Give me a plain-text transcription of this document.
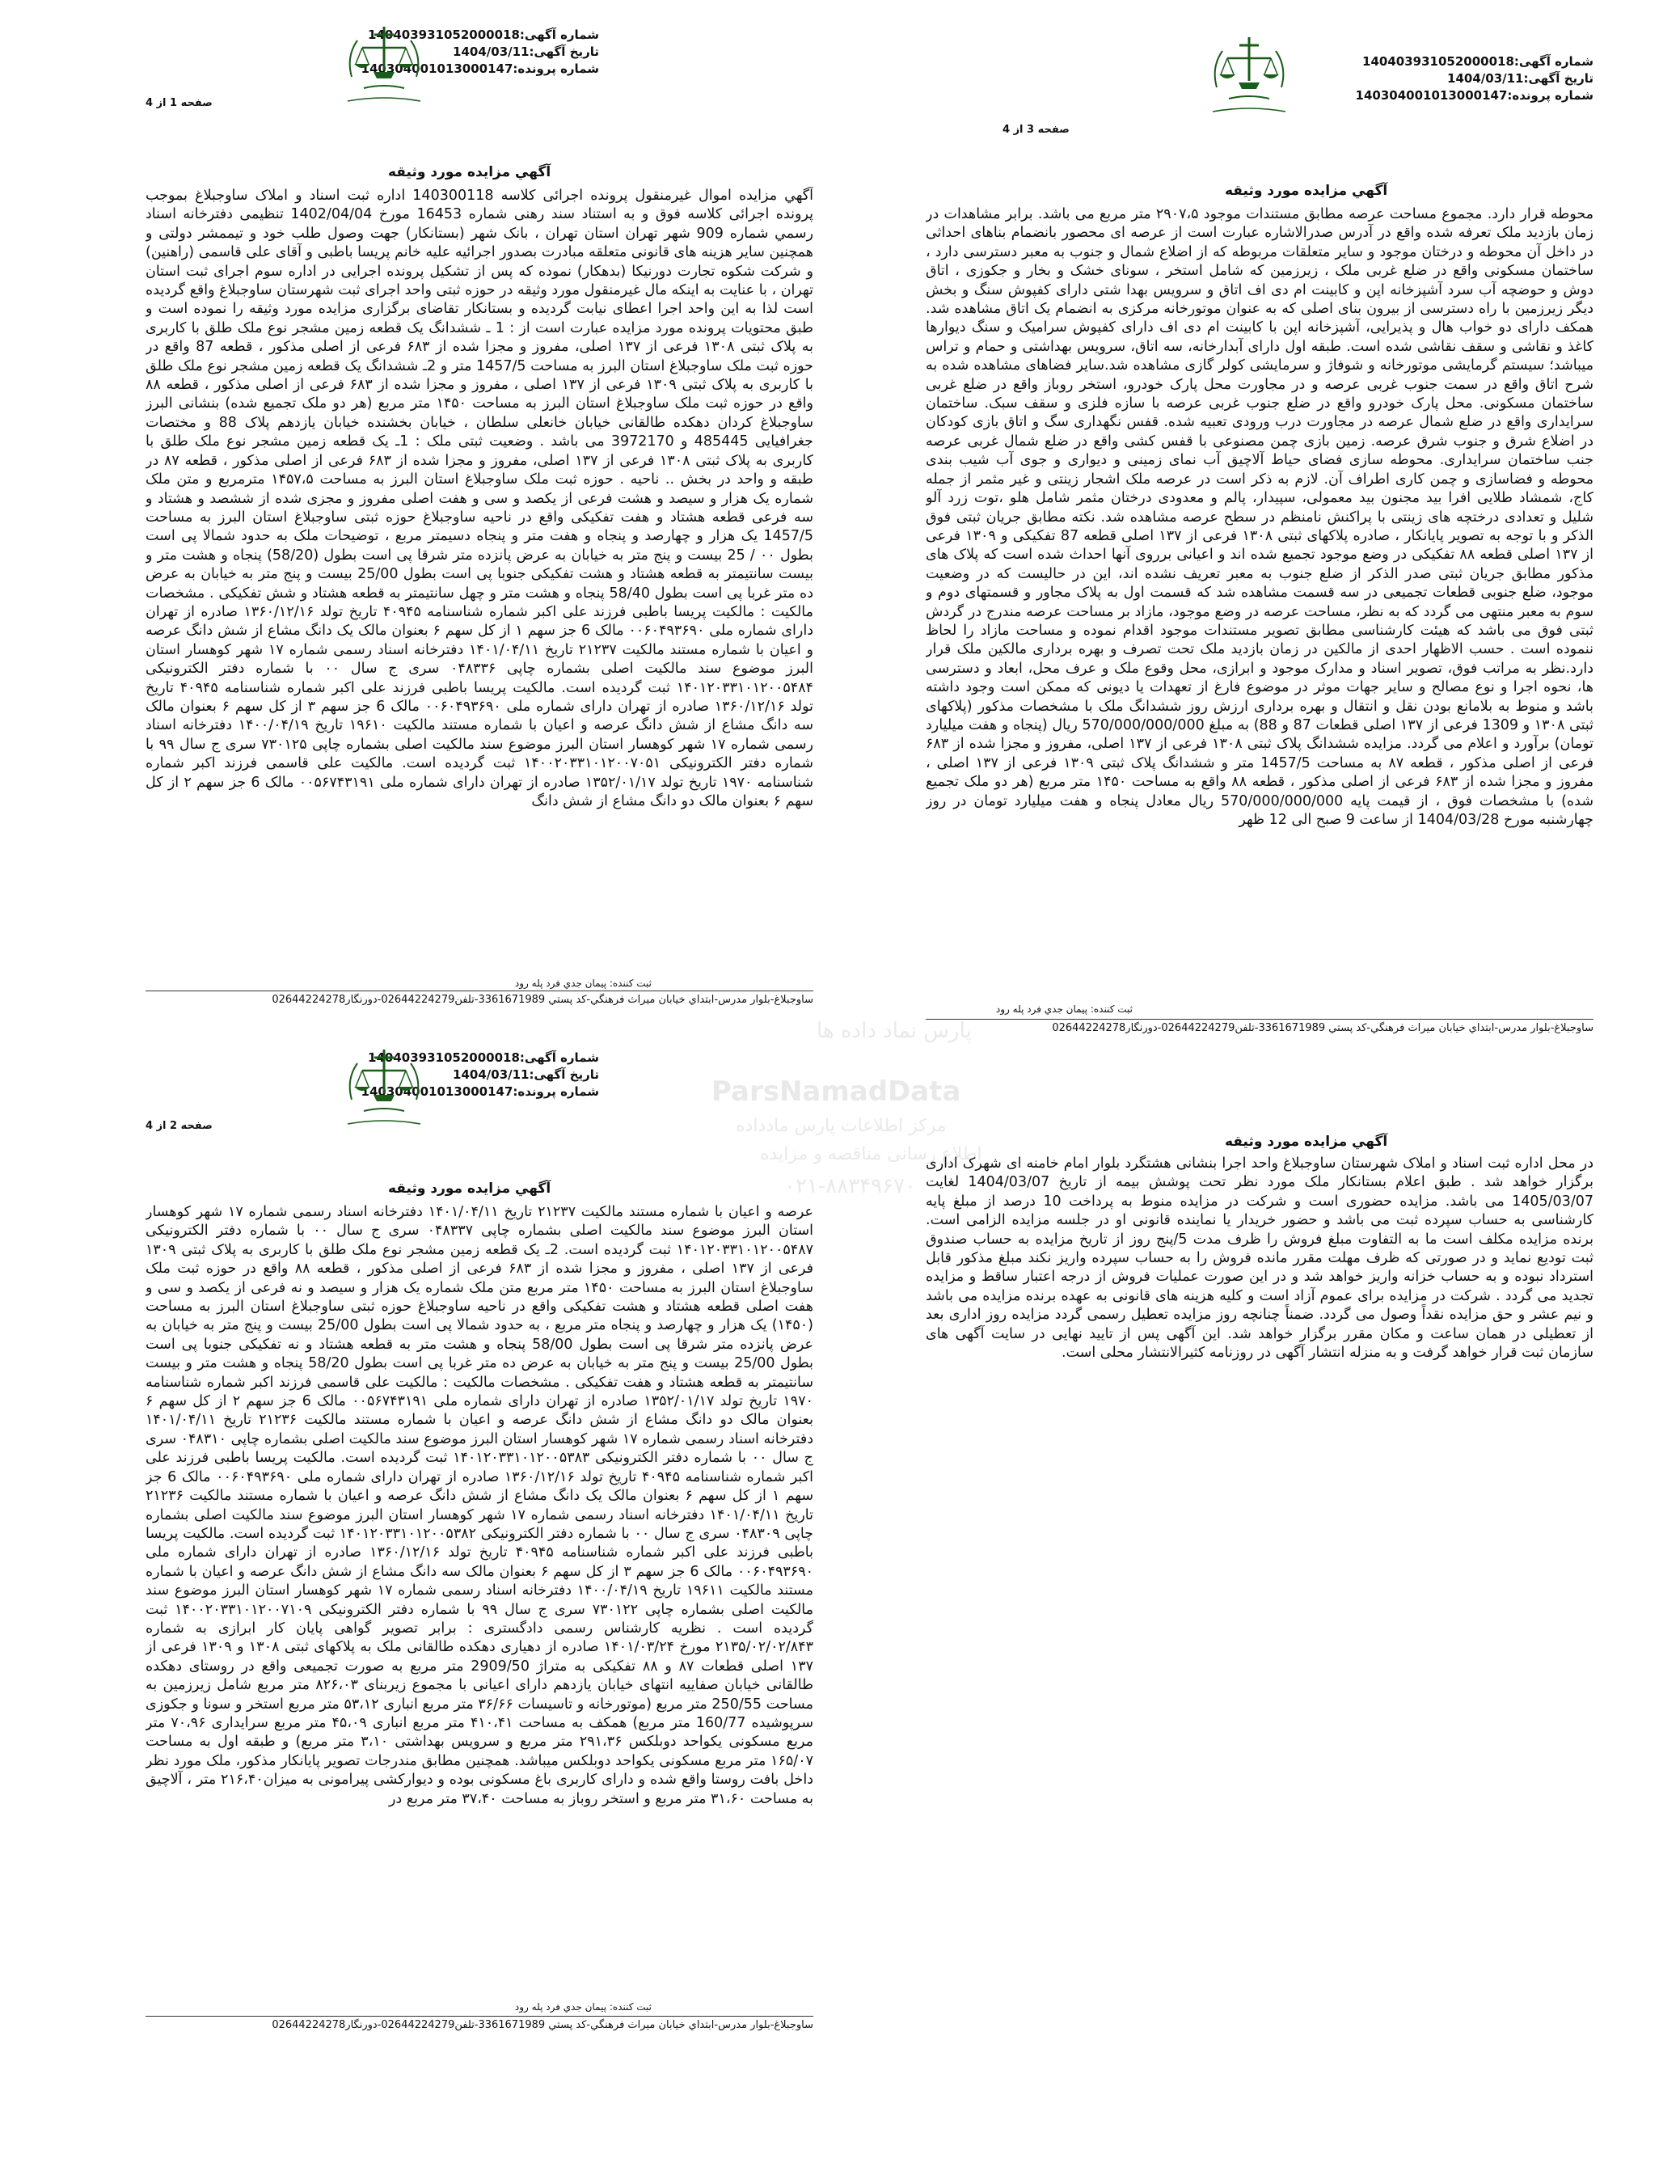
شماره آگهی:140403931052000018
تاریخ آگهی:1404/03/11
شماره پرونده:140304001013000147
صفحه 1 از 4
آگهي مزايده مورد وثيقه
آگهي مزايده اموال غيرمنقول پرونده اجرائی کلاسه 140300118 اداره ثبت اسناد و املاک ساوجبلاغ بموجب پرونده اجرائی کلاسه فوق و به استناد سند رهنی شماره 16453 مورخ 1402/04/04 تنظیمی دفترخانه اسناد رسمي شماره 909 شهر تهران استان تهران ، بانک شهر (بستانکار) جهت وصول طلب خود و تیممشر دولتی و همچنین سایر هزینه های قانونی متعلقه مبادرت بصدور اجرائیه علیه خانم پریسا باطبی و آقای علی قاسمی (راهنین) و شرکت شکوه تجارت دورنیکا (بدهکار) نموده که پس از تشکیل پرونده اجرایی در اداره سوم اجرای ثبت استان تهران ، با عنایت به اینکه مال غیرمنقول مورد وثیقه در حوزه ثبتی واحد اجرای ثبت شهرستان ساوجبلاغ واقع گردیده است لذا به این واحد اجرا اعطای نیابت گردیده و بستانکار تقاضای برگزاری مزایده مورد وثیقه را نموده است و طبق محتویات پرونده مورد مزایده عبارت است از : 1 ـ ششدانگ یک قطعه زمین مشجر نوع ملک طلق با کاربری به پلاک ثبتی ۱۳۰۸ فرعی از ۱۳۷ اصلی، مفروز و مجزا شده از ۶۸۳ فرعی از اصلی مذکور ، قطعه 87 واقع در حوزه ثبت ملک ساوجبلاغ استان البرز به مساحت 1457/5 متر و 2ـ ششدانگ یک قطعه زمین مشجر نوع ملک طلق با کاربری به پلاک ثبتی ۱۳۰۹ فرعی از ۱۳۷ اصلی ، مفروز و مجزا شده از ۶۸۳ فرعی از اصلی مذکور ، قطعه ۸۸ واقع در حوزه ثبت ملک ساوجبلاغ استان البرز به مساحت ۱۴۵۰ متر مربع (هر دو ملک تجمیع شده) بنشانی البرز ساوجبلاغ کردان دهکده طالقانی خیابان خانعلی سلطان ، خیابان بخشنده خیابان یازدهم پلاک 88 و مختصات جغرافیایی 485445 و 3972170 می باشد . وضعیت ثبتی ملک : 1ـ یک قطعه زمین مشجر نوع ملک طلق با کاربری به پلاک ثبتی ۱۳۰۸ فرعی از ۱۳۷ اصلی، مفروز و مجزا شده از ۶۸۳ فرعی از اصلی مذکور ، قطعه ۸۷ در طبقه و واحد در بخش .. ناحیه . حوزه ثبت ملک ساوجبلاغ استان البرز به مساحت ۱۴۵۷،۵ مترمربع و متن ملک شماره یک هزار و سیصد و هشت فرعی از یکصد و سی و هفت اصلی مفروز و مجزی شده از ششصد و هشتاد و سه فرعی قطعه هشتاد و هفت تفکیکی واقع در ناحیه ساوجبلاغ حوزه ثبتی ساوجبلاغ استان البرز به مساحت 1457/5 یک هزار و چهارصد و پنجاه و هفت متر و پنجاه دسیمتر مربع ، توضیحات ملک به حدود شمالا پی است بطول ۰۰ / 25 بیست و پنج متر به خیابان به عرض پانزده متر شرقا پی است بطول (58/20) پنجاه و هشت متر و بیست سانتیمتر به قطعه هشتاد و هشت تفکیکی جنوبا پی است بطول 25/00 بیست و پنج متر به خیابان به عرض ده متر غربا پی است بطول 58/40 پنجاه و هشت متر و چهل سانتیمتر به قطعه هشتاد و شش تفکیکی . مشخصات مالکیت : مالکیت پریسا باطبی فرزند علی اکبر شماره شناسنامه ۴۰۹۴۵ تاریخ تولد ۱۳۶۰/۱۲/۱۶ صادره از تهران دارای شماره ملی ۰۰۶۰۴۹۳۶۹۰ مالک 6 جز سهم ۱ از کل سهم ۶ بعنوان مالک یک دانگ مشاع از شش دانگ عرصه و اعیان با شماره مستند مالکیت ۲۱۲۳۷ تاریخ ۱۴۰۱/۰۴/۱۱ دفترخانه اسناد رسمی شماره ۱۷ شهر کوهسار استان البرز موضوع سند مالکیت اصلی بشماره چاپی ۰۴۸۳۳۶ سری ج سال ۰۰ با شماره دفتر الکترونیکی ۱۴۰۱۲۰۳۳۱۰۱۲۰۰۵۴۸۴ ثبت گردیده است. مالکیت پریسا باطبی فرزند علی اکبر شماره شناسنامه ۴۰۹۴۵ تاریخ تولد ۱۳۶۰/۱۲/۱۶ صادره از تهران دارای شماره ملی ۰۰۶۰۴۹۳۶۹۰ مالک 6 جز سهم ۳ از کل سهم ۶ بعنوان مالک سه دانگ مشاع از شش دانگ عرصه و اعیان با شماره مستند مالکیت ۱۹۶۱۰ تاریخ ۱۴۰۰/۰۴/۱۹ دفترخانه اسناد رسمی شماره ۱۷ شهر کوهسار استان البرز موضوع سند مالکیت اصلی بشماره چاپی ۷۳۰۱۲۵ سری ج سال ۹۹ با شماره دفتر الکترونیکی ۱۴۰۰۲۰۳۳۱۰۱۲۰۰۷۰۵۱ ثبت گردیده است. مالکیت علی قاسمی فرزند اکبر شماره شناسنامه ۱۹۷۰ تاریخ تولد ۱۳۵۲/۰۱/۱۷ صادره از تهران دارای شماره ملی ۰۰۵۶۷۴۳۱۹۱ مالک 6 جز سهم ۲ از کل سهم ۶ بعنوان مالک دو دانگ مشاع از شش دانگ
ثبت كننده: پيمان جدي فرد پله رود
ساوجبلاغ-بلوار مدرس-ابتداي خيابان ميراث فرهنگي-كد پستي 3361671989-تلفن02644224279-دورنگار02644224278
شماره آگهی:140403931052000018
تاریخ آگهی:1404/03/11
شماره پرونده:140304001013000147
صفحه 3 از 4
آگهي مزايده مورد وثيقه
محوطه قرار دارد. مجموع مساحت عرصه مطابق مستندات موجود ۲۹۰۷،۵ متر مربع می باشد. برابر مشاهدات در زمان بازدید ملک تعرفه شده واقع در آدرس صدرالاشاره عبارت است از عرصه ای محصور بانضمام بناهای احداثی در داخل آن محوطه و درختان موجود و سایر متعلقات مربوطه که از اضلاع شمال و جنوب به معبر دسترسی دارد ، ساختمان مسکونی واقع در ضلع غربی ملک ، زیرزمین که شامل استخر ، سونای خشک و بخار و جکوزی ، اتاق دوش و حوضچه آب سرد آشپزخانه اپن و کابینت ام دی اف اتاق و سرویس بهدا شتی دارای کفپوش سنگ و بخش دیگر زیرزمین با راه دسترسی از بیرون بنای اصلی که به عنوان موتورخانه مرکزی به انضمام یک اتاق مشاهده شد. همکف دارای دو خواب هال و پذیرایی، آشپزخانه اپن با کابینت ام دی اف دارای کفپوش سرامیک و سنگ دیوارها کاغذ و نقاشی و سقف نقاشی شده است. طبقه اول دارای آبدارخانه، سه اتاق، سرویس بهداشتی و حمام و تراس میباشد؛ سیستم گرمایشی موتورخانه و شوفاژ و سرمایشی کولر گازی مشاهده شد.سایر فضاهای مشاهده شده به شرح اتاق واقع در سمت جنوب غربی عرصه و در مجاورت محل پارک خودرو، استخر روباز واقع در ضلع غربی ساختمان مسکونی. محل پارک خودرو واقع در ضلع جنوب غربی عرصه با سازه فلزی و سقف سبک. ساختمان سرایداری واقع در ضلع شمال عرصه در مجاورت درب ورودی تعبیه شده. قفس نگهداری سگ و اتاق بازی کودکان در اضلاع شرق و جنوب شرق عرصه. زمین بازی چمن مصنوعی با قفس کشی واقع در ضلع شمال غربی عرصه جنب ساختمان سرایداری. محوطه سازی فضای حیاط آلاچیق آب نمای زمینی و دیواری و جوی آب شیب بندی محوطه و فضاسازی و چمن کاری اطراف آن. لازم به ذکر است در عرصه ملک اشجار زینتی و غیر مثمر از جمله کاج، شمشاد طلایی افرا بید مجنون بید معمولی، سپیدار، پالم و معدودی درختان مثمر شامل هلو ،توت زرد آلو شلیل و تعدادی درختچه های زینتی با پراکنش نامنظم در سطح عرصه مشاهده شد. نکته مطابق جریان ثبتی فوق الذکر و با توجه به تصویر پایانکار ، صادره پلاکهای ثبتی ۱۳۰۸ فرعی از ۱۳۷ اصلی قطعه 87 تفکیکی و ۱۳۰۹ فرعی از ۱۳۷ اصلی قطعه ۸۸ تفکیکی در وضع موجود تجمیع شده اند و اعیانی برروی آنها احداث شده است که پلاک های مذکور مطابق جریان ثبتی صدر الذکر از ضلع جنوب به معبر تعریف نشده اند، این در حالیست که در وضعیت موجود، ضلع جنوبی قطعات تجمیعی در سه قسمت مشاهده شد که قسمت اول به پلاک مجاور و قسمتهای دوم و سوم به معبر منتهی می گردد که به نظر، مساحت عرصه در وضع موجود، مازاد بر مساحت عرصه مندرج در گردش ثبتی فوق می باشد که هیئت کارشناسی مطابق تصویر مستندات موجود اقدام نموده و مساحت مازاد را لحاظ ننموده است . حسب الاظهار احدی از مالکین در زمان بازدید ملک تحت تصرف و بهره برداری مالکین ملک قرار دارد.نظر به مراتب فوق، تصویر اسناد و مدارک موجود و ابرازی، محل وقوع ملک و عرف محل، ابعاد و دسترسی ها، نحوه اجرا و نوع مصالح و سایر جهات موثر در موضوع فارغ از تعهدات یا دیونی که ممکن است وجود داشته باشد و منوط به بلامانع بودن نقل و انتقال و بهره برداری ارزش روز ششدانگ ملک با مشخصات مذکور (پلاکهای ثبتی ۱۳۰۸ و 1309 فرعی از ۱۳۷ اصلی قطعات 87 و 88) به مبلغ 570/000/000/000 ریال (پنجاه و هفت میلیارد تومان) برآورد و اعلام می گردد. مزایده ششدانگ پلاک ثبتی ۱۳۰۸ فرعی از ۱۳۷ اصلی، مفروز و مجزا شده از ۶۸۳ فرعی از اصلی مذکور ، قطعه ۸۷ به مساحت 1457/5 متر و ششدانگ پلاک ثبتی ۱۳۰۹ فرعی از ۱۳۷ اصلی ، مفروز و مجزا شده از ۶۸۳ فرعی از اصلی مذکور ، قطعه ۸۸ واقع به مساحت ۱۴۵۰ متر مربع (هر دو ملک تجمیع شده) با مشخصات فوق ، از قیمت پایه 570/000/000/000 ریال معادل پنجاه و هفت میلیارد تومان در روز چهارشنبه مورخ 1404/03/28 از ساعت 9 صبح الی 12 ظهر
ثبت كننده: پيمان جدي فرد پله رود
ساوجبلاغ-بلوار مدرس-ابتداي خيابان ميراث فرهنگي-كد پستي 3361671989-تلفن02644224279-دورنگار02644224278
شماره آگهی:140403931052000018
تاریخ آگهی:1404/03/11
شماره پرونده:140304001013000147
صفحه 2 از 4
آگهي مزايده مورد وثيقه
عرصه و اعیان با شماره مستند مالکیت ۲۱۲۳۷ تاریخ ۱۴۰۱/۰۴/۱۱ دفترخانه اسناد رسمی شماره ۱۷ شهر کوهسار استان البرز موضوع سند مالکیت اصلی بشماره چاپی ۰۴۸۳۳۷ سری ج سال ۰۰ با شماره دفتر الکترونیکی ۱۴۰۱۲۰۳۳۱۰۱۲۰۰۵۴۸۷ ثبت گردیده است. 2ـ یک قطعه زمین مشجر نوع ملک طلق با کاربری به پلاک ثبتی ۱۳۰۹ فرعی از ۱۳۷ اصلی ، مفروز و مجزا شده از ۶۸۳ فرعی از اصلی مذکور ، قطعه ۸۸ واقع در حوزه ثبت ملک ساوجبلاغ استان البرز به مساحت ۱۴۵۰ متر مربع متن ملک شماره یک هزار و سیصد و نه فرعی از یکصد و سی و هفت اصلی قطعه هشتاد و هشت تفکیکی واقع در ناحیه ساوجبلاغ حوزه ثبتی ساوجبلاغ استان البرز به مساحت (۱۴۵۰) یک هزار و چهارصد و پنجاه متر مربع ، به حدود شمالا پی است بطول 25/00 بیست و پنج متر به خیابان به عرض پانزده متر شرقا پی است بطول 58/00 پنجاه و هشت متر به قطعه هشتاد و نه تفکیکی جنوبا پی است بطول 25/00 بیست و پنج متر به خیابان به عرض ده متر غربا پی است بطول 58/20 پنجاه و هشت متر و بیست سانتیمتر به قطعه هشتاد و هفت تفکیکی . مشخصات مالکیت : مالکیت علی قاسمی فرزند اکبر شماره شناسنامه ۱۹۷۰ تاریخ تولد ۱۳۵۲/۰۱/۱۷ صادره از تهران دارای شماره ملی ۰۰۵۶۷۴۳۱۹۱ مالک 6 جز سهم ۲ از کل سهم ۶ بعنوان مالک دو دانگ مشاع از شش دانگ عرصه و اعیان با شماره مستند مالکیت ۲۱۲۳۶ تاریخ ۱۴۰۱/۰۴/۱۱ دفترخانه اسناد رسمی شماره ۱۷ شهر کوهسار استان البرز موضوع سند مالکیت اصلی بشماره چاپی ۰۴۸۳۱۰ سری ج سال ۰۰ با شماره دفتر الکترونیکی ۱۴۰۱۲۰۳۳۱۰۱۲۰۰۵۳۸۳ ثبت گردیده است. مالکیت پریسا باطبی فرزند علی اکبر شماره شناسنامه ۴۰۹۴۵ تاریخ تولد ۱۳۶۰/۱۲/۱۶ صادره از تهران دارای شماره ملی ۰۰۶۰۴۹۳۶۹۰ مالک 6 جز سهم ۱ از کل سهم ۶ بعنوان مالک یک دانگ مشاع از شش دانگ عرصه و اعیان با شماره مستند مالکیت ۲۱۲۳۶ تاریخ ۱۴۰۱/۰۴/۱۱ دفترخانه اسناد رسمی شماره ۱۷ شهر کوهسار استان البرز موضوع سند مالکیت اصلی بشماره چاپی ۰۴۸۳۰۹ سری ج سال ۰۰ با شماره دفتر الکترونیکی ۱۴۰۱۲۰۳۳۱۰۱۲۰۰۵۳۸۲ ثبت گردیده است. مالکیت پریسا باطبی فرزند علی اکبر شماره شناسنامه ۴۰۹۴۵ تاریخ تولد ۱۳۶۰/۱۲/۱۶ صادره از تهران دارای شماره ملی ۰۰۶۰۴۹۳۶۹۰ مالک 6 جز سهم ۳ از کل سهم ۶ بعنوان مالک سه دانگ مشاع از شش دانگ عرصه و اعیان با شماره مستند مالکیت ۱۹۶۱۱ تاریخ ۱۴۰۰/۰۴/۱۹ دفترخانه اسناد رسمی شماره ۱۷ شهر کوهسار استان البرز موضوع سند مالکیت اصلی بشماره چاپی ۷۳۰۱۲۲ سری ج سال ۹۹ با شماره دفتر الکترونیکی ۱۴۰۰۲۰۳۳۱۰۱۲۰۰۷۱۰۹ ثبت گردیده است . نظریه کارشناس رسمی دادگستری : برابر تصویر گواهی پایان کار ابرازی به شماره ۲۱۳۵/۰۲/۰۲/۸۴۳ مورخ ۱۴۰۱/۰۳/۲۴ صادره از دهیاری دهکده طالقانی ملک به پلاکهای ثبتی ۱۳۰۸ و ۱۳۰۹ فرعی از ۱۳۷ اصلی قطعات ۸۷ و ۸۸ تفکیکی به متراژ 2909/50 متر مربع به صورت تجمیعی واقع در روستای دهکده طالقانی خیابان صفاییه انتهای خیابان یازدهم دارای اعیانی با مجموع زیربنای ۸۲۶،۰۳ متر مربع شامل زیرزمین به مساحت 250/55 متر مربع (موتورخانه و تاسیسات ۳۶/۶۶ متر مربع انباری ۵۳،۱۲ متر مربع استخر و سونا و جکوزی سرپوشیده 160/77 متر مربع) همکف به مساحت ۴۱۰،۴۱ متر مربع انباری ۴۵،۰۹ متر مربع سرایداری ۷۰،۹۶ متر مربع مسکونی یکواحد دوبلکس ۲۹۱،۳۶ متر مربع و سرویس بهداشتی ۳،۱۰ متر مربع) و طبقه اول به مساحت ۱۶۵/۰۷ متر مربع مسکونی یکواحد دوبلکس میباشد. همچنین مطابق مندرجات تصویر پایانکار مذکور، ملک مورد نظر داخل بافت روستا واقع شده و دارای کاربری باغ مسکونی بوده و دیوارکشی پیرامونی به میزان۲۱۶،۴۰ متر ، آلاچیق به مساحت ۳۱،۶۰ متر مربع و استخر روباز به مساحت ۳۷،۴۰ متر مربع در
ثبت كننده: پيمان جدي فرد پله رود
ساوجبلاغ-بلوار مدرس-ابتداي خيابان ميراث فرهنگي-كد پستي 3361671989-تلفن02644224279-دورنگار02644224278
آگهي مزايده مورد وثيقه
در محل اداره ثبت اسناد و املاک شهرستان ساوجبلاغ واحد اجرا بنشانی هشتگرد بلوار امام خامنه ای شهرک اداری برگزار خواهد شد . طبق اعلام بستانکار ملک مورد نظر تحت پوشش بیمه از تاریخ 1404/03/07 لغایت 1405/03/07 می باشد. مزایده حضوری است و شرکت در مزایده منوط به پرداخت 10 درصد از مبلغ پایه کارشناسی به حساب سپرده ثبت می باشد و حضور خریدار یا نماینده قانونی او در جلسه مزایده الزامی است. برنده مزایده مکلف است ما به التفاوت مبلغ فروش را ظرف مدت 5/پنج روز از تاریخ مزایده به حساب صندوق ثبت تودیع نماید و در صورتی که ظرف مهلت مقرر مانده فروش را به حساب سپرده واریز نکند مبلغ مذکور قابل استرداد نبوده و به حساب خزانه واریز خواهد شد و در این صورت عملیات فروش از درجه اعتبار ساقط و مزایده تجدید می گردد . شرکت در مزایده برای عموم آزاد است و کلیه هزینه های قانونی به عهده برنده مزایده می باشد و نیم عشر و حق مزایده نقداً وصول می گردد. ضمناً چنانچه روز مزایده تعطیل رسمی گردد مزایده روز اداری بعد از تعطیلی در همان ساعت و مکان مقرر برگزار خواهد شد. این آگهی پس از تایید نهایی در سایت آگهی های سازمان ثبت قرار خواهد گرفت و به منزله انتشار آگهی در روزنامه کثیرالانتشار محلی است.
ParsNamadData
پارس نماد داده ها
مرکز اطلاعات پارس مادداده
اطلاع رسانی مناقصه و مزایده
۰۲۱-۸۸۳۴۹۶۷۰
